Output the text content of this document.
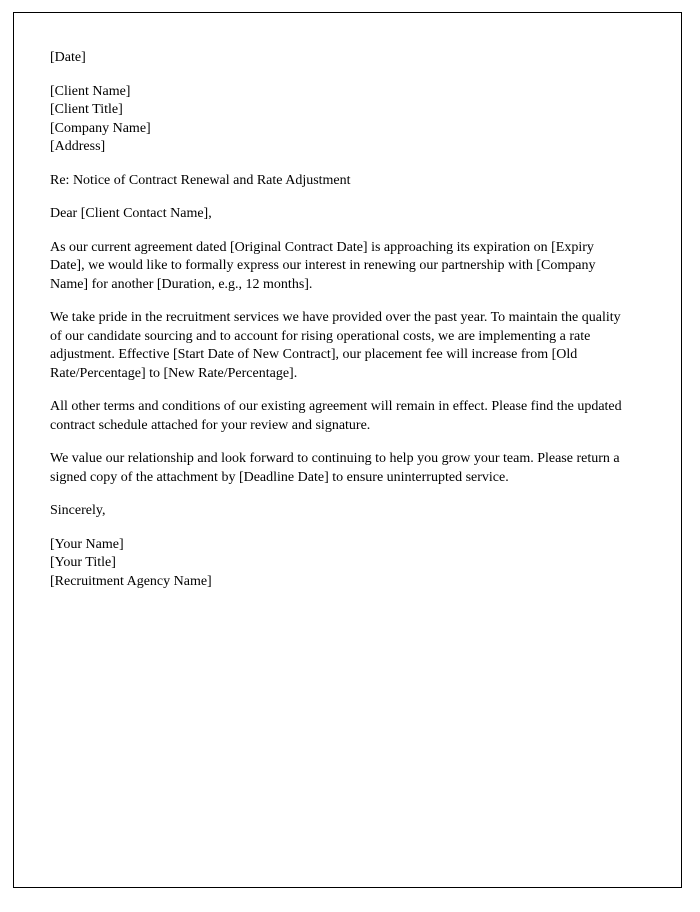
[Date]
[Client Name]
[Client Title]
[Company Name]
[Address]
Re: Notice of Contract Renewal and Rate Adjustment
Dear [Client Contact Name],
As our current agreement dated [Original Contract Date] is approaching its expiration on [Expiry Date], we would like to formally express our interest in renewing our partnership with [Company Name] for another [Duration, e.g., 12 months].
We take pride in the recruitment services we have provided over the past year. To maintain the quality of our candidate sourcing and to account for rising operational costs, we are implementing a rate adjustment. Effective [Start Date of New Contract], our placement fee will increase from [Old Rate/Percentage] to [New Rate/Percentage].
All other terms and conditions of our existing agreement will remain in effect. Please find the updated contract schedule attached for your review and signature.
We value our relationship and look forward to continuing to help you grow your team. Please return a signed copy of the attachment by [Deadline Date] to ensure uninterrupted service.
Sincerely,
[Your Name]
[Your Title]
[Recruitment Agency Name]
